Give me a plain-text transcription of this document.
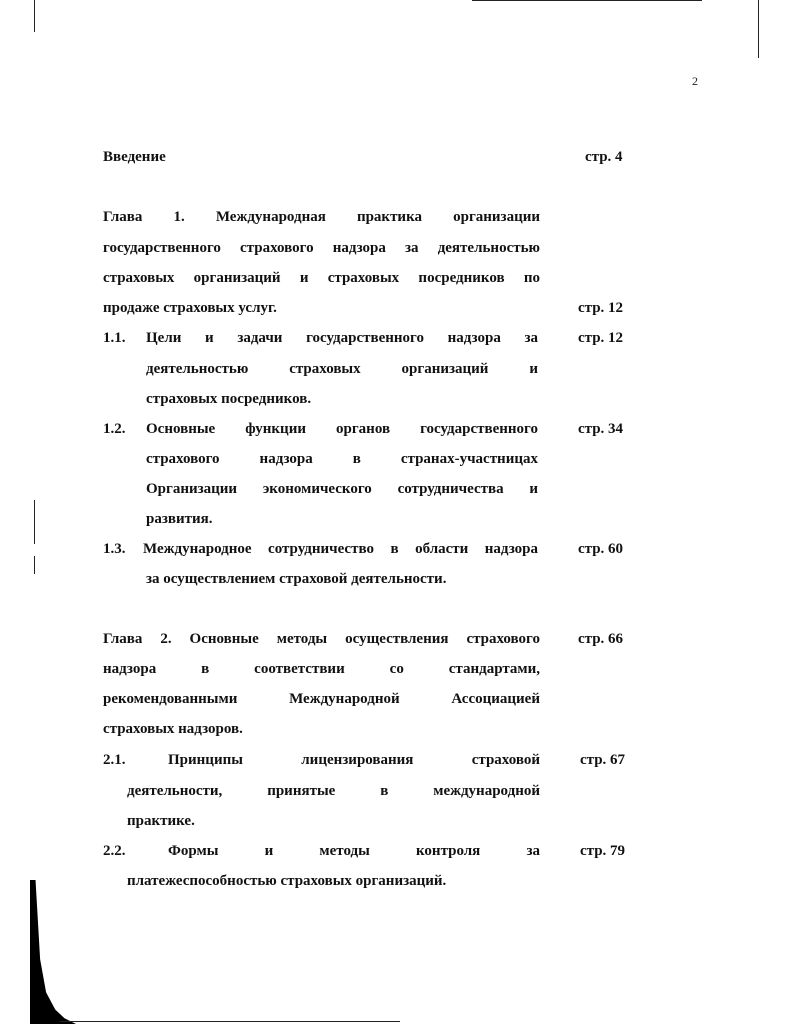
2
Введение	стр. 4
Глава 1. Международная практика организации
государственного страхового надзора за деятельностью
страховых организаций и страховых посредников по
продаже страховых услуг.	стр. 12
1.1. Цели и задачи государственного надзора за	стр. 12
деятельностью страховых организаций и
страховых посредников.
1.2. Основные функции органов государственного	стр. 34
страхового надзора в странах-участницах
Организации экономического сотрудничества и
развития.
1.3. Международное сотрудничество в области надзора	стр. 60
за осуществлением страховой деятельности.
Глава 2. Основные методы осуществления страхового	стр. 66
надзора в соответствии со стандартами,
рекомендованными Международной Ассоциацией
страховых надзоров.
2.1.	Принципы лицензирования страховой	стр. 67
деятельности, принятые в международной
практике.
2.2.	Формы и методы контроля за	стр. 79
платежеспособностью страховых организаций.
